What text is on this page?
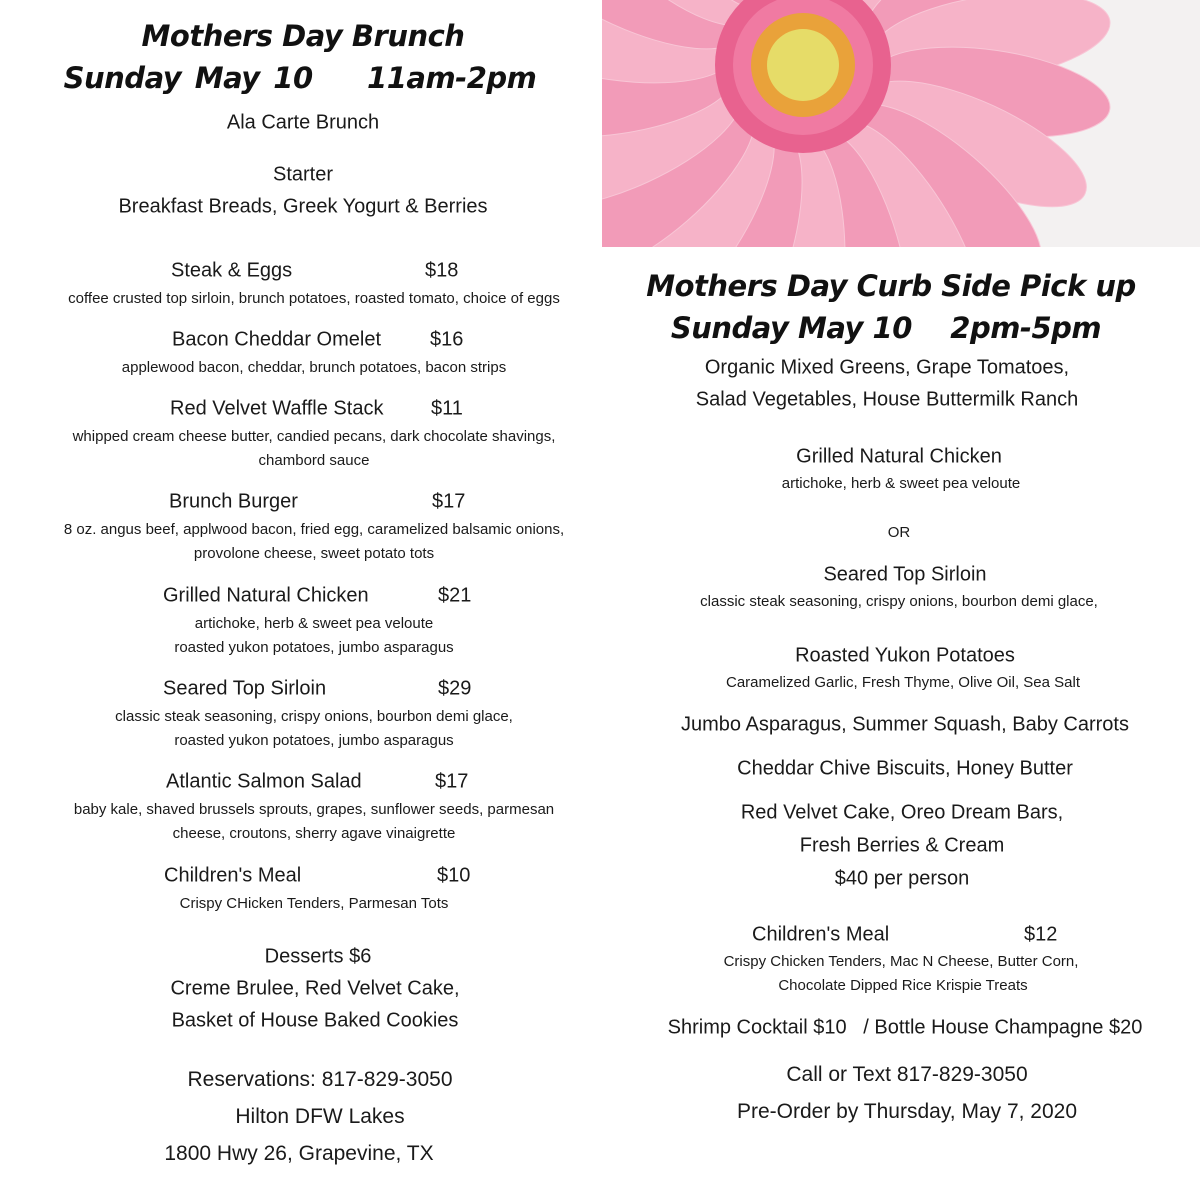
Mothers Day Brunch
Sunday May 10    11am-2pm
Ala Carte Brunch
Starter
Breakfast Breads, Greek Yogurt & Berries
Steak & Eggs	$18
coffee crusted top sirloin, brunch potatoes, roasted tomato, choice of eggs
Bacon Cheddar Omelet $16
applewood bacon, cheddar, brunch potatoes, bacon strips
Red Velvet Waffle Stack $11
whipped cream cheese butter, candied pecans, dark chocolate shavings,
chambord sauce
Brunch Burger	$17
8 oz. angus beef, applwood bacon, fried egg, caramelized balsamic onions,
provolone cheese, sweet potato tots
Grilled Natural Chicken	$21
artichoke, herb & sweet pea veloute
roasted yukon potatoes, jumbo asparagus
Seared Top Sirloin	$29
classic steak seasoning, crispy onions, bourbon demi glace,
roasted yukon potatoes, jumbo asparagus
Atlantic Salmon Salad	$17
baby kale, shaved brussels sprouts, grapes, sunflower seeds, parmesan
cheese, croutons, sherry agave vinaigrette
Children's Meal	$10
Crispy CHicken Tenders, Parmesan Tots
Desserts $6
Creme Brulee, Red Velvet Cake,
Basket of House Baked Cookies
Reservations: 817-829-3050
Hilton DFW Lakes
1800 Hwy 26, Grapevine, TX
Mothers Day Curb Side Pick up
Sunday May 10    2pm-5pm
Organic Mixed Greens, Grape Tomatoes,
Salad Vegetables, House Buttermilk Ranch
Grilled Natural Chicken
artichoke, herb & sweet pea veloute
OR
Seared Top Sirloin
classic steak seasoning, crispy onions, bourbon demi glace,
Roasted Yukon Potatoes
Caramelized Garlic, Fresh Thyme, Olive Oil, Sea Salt
Jumbo Asparagus, Summer Squash, Baby Carrots
Cheddar Chive Biscuits, Honey Butter
Red Velvet Cake, Oreo Dream Bars,
Fresh Berries & Cream
$40 per person
Children's Meal	$12
Crispy Chicken Tenders, Mac N Cheese, Butter Corn,
Chocolate Dipped Rice Krispie Treats
Shrimp Cocktail $10   / Bottle House Champagne $20
Call or Text 817-829-3050
Pre-Order by Thursday, May 7, 2020
